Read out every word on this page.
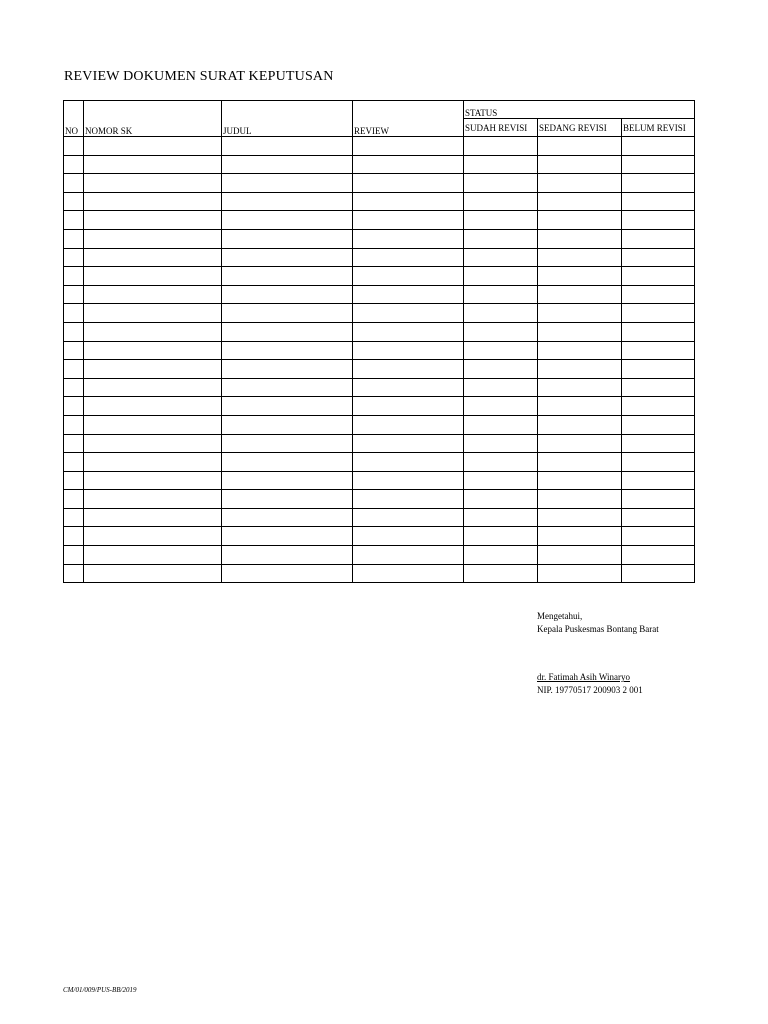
REVIEW DOKUMEN SURAT KEPUTUSAN
NO	NOMOR SK	JUDUL	REVIEW	STATUS		
				SUDAH REVISI	SEDANG REVISI	BELUM REVISI

Mengetahui,
Kepala Puskesmas Bontang Barat
dr. Fatimah Asih Winaryo
NIP. 19770517 200903 2 001
CM/01/009/PUS-BB/2019
